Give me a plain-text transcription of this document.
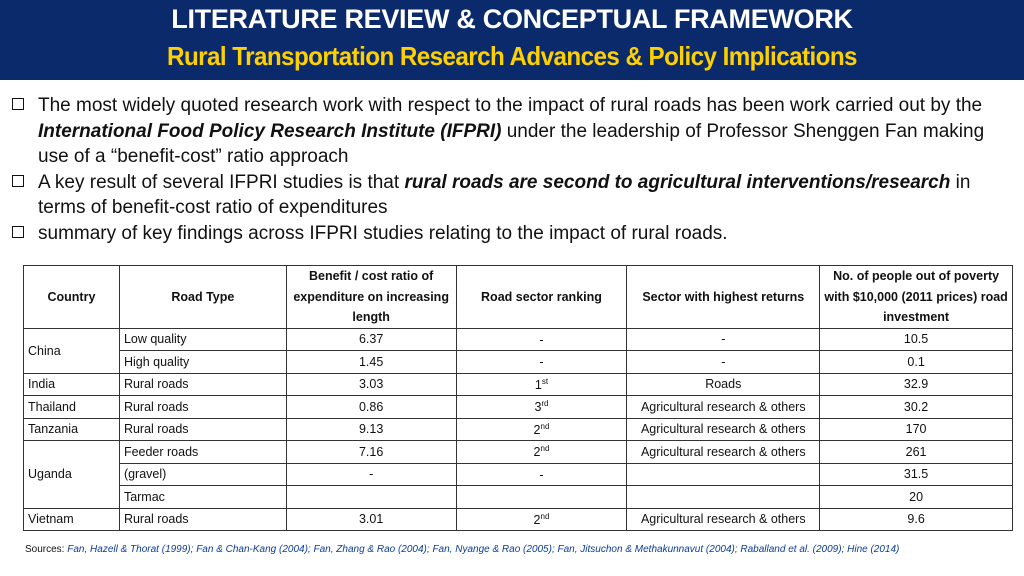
LITERATURE REVIEW & CONCEPTUAL FRAMEWORK
Rural Transportation Research Advances & Policy Implications
The most widely quoted research work with respect to the impact of rural roads has been work carried out by the International Food Policy Research Institute (IFPRI) under the leadership of Professor Shenggen Fan making use of a “benefit-cost” ratio approach
A key result of several IFPRI studies is that rural roads are second to agricultural interventions/research in terms of benefit-cost ratio of expenditures
summary of key findings across IFPRI studies relating to the impact of rural roads.
Country	Road Type	Benefit / cost ratio of expenditure on increasing length	Road sector ranking	Sector with highest returns	No. of people out of poverty with $10,000 (2011 prices) road investment
China	Low quality	6.37	-	-	10.5
	High quality	1.45	-	-	0.1
India	Rural roads	3.03	1st	Roads	32.9
Thailand	Rural roads	0.86	3rd	Agricultural research & others	30.2
Tanzania	Rural roads	9.13	2nd	Agricultural research & others	170
Uganda	Feeder roads	7.16	2nd	Agricultural research & others	261
	(gravel)	-	-		31.5
	Tarmac				20
Vietnam	Rural roads	3.01	2nd	Agricultural research & others	9.6
Sources: Fan, Hazell & Thorat (1999); Fan & Chan-Kang (2004); Fan, Zhang & Rao (2004); Fan, Nyange & Rao (2005); Fan, Jitsuchon & Methakunnavut (2004); Raballand et al. (2009); Hine (2014)
